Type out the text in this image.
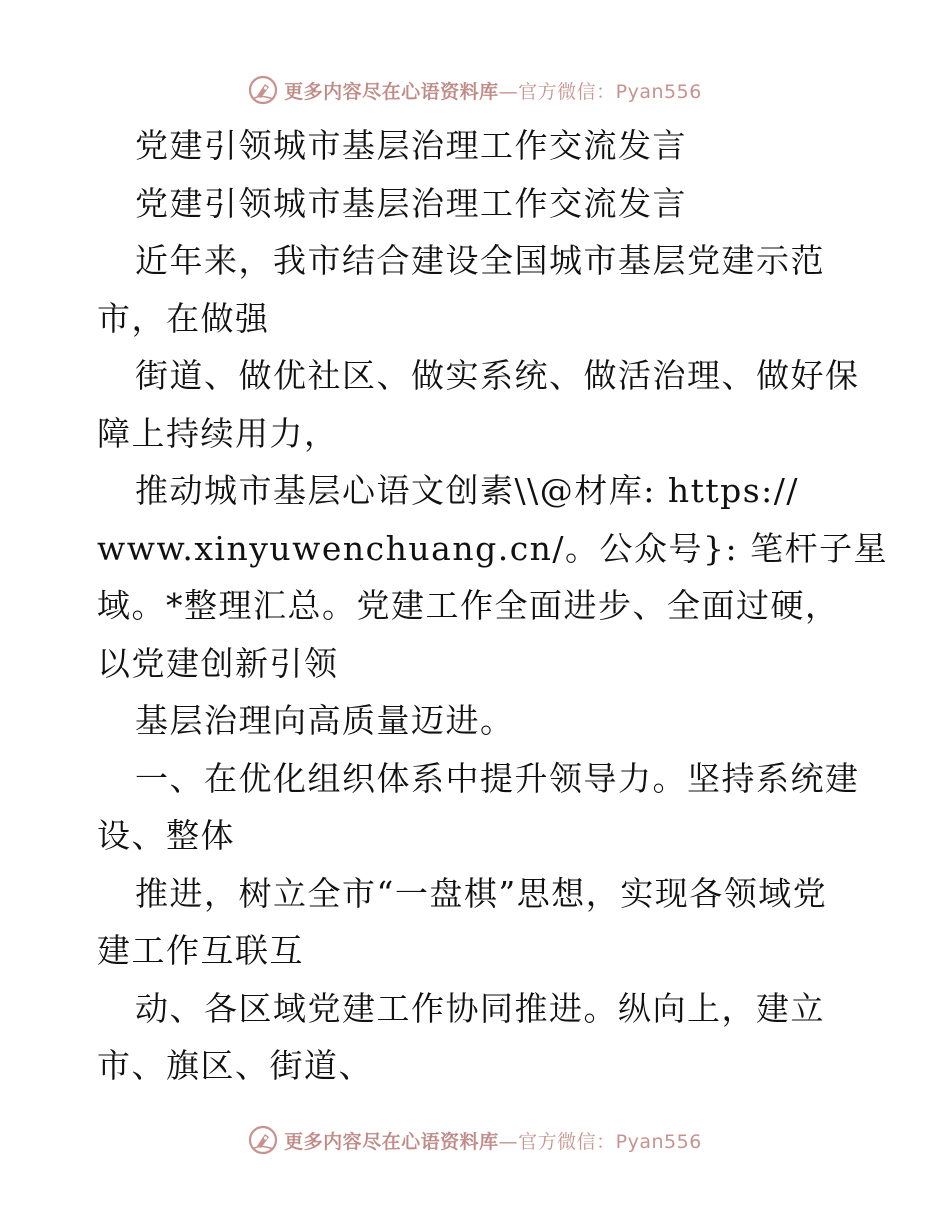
更多内容尽在心语资料库—官方微信：Pyan556
党建引领城市基层治理工作交流发言
党建引领城市基层治理工作交流发言
近年来，我市结合建设全国城市基层党建示范
市，在做强
街道、做优社区、做实系统、做活治理、做好保
障上持续用力，
推动城市基层心语文创素\\@材库: https://
www.xinyuwenchuang.cn/。公众号}: 笔杆子星
域。*整理汇总。党建工作全面进步、全面过硬，
以党建创新引领
基层治理向高质量迈进。
一、在优化组织体系中提升领导力。坚持系统建
设、整体
推进，树立全市“一盘棋”思想，实现各领域党
建工作互联互
动、各区域党建工作协同推进。纵向上，建立
市、旗区、街道、
更多内容尽在心语资料库—官方微信：Pyan556
